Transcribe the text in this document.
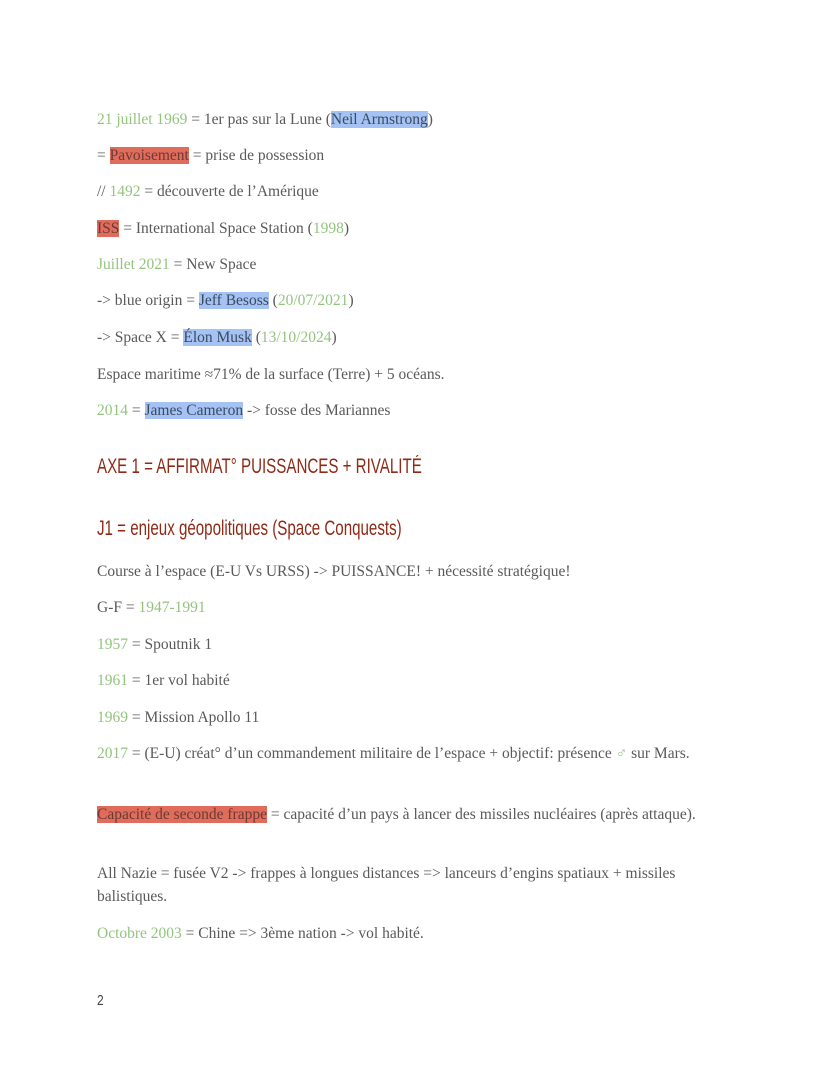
21 juillet 1969 = 1er pas sur la Lune (Neil Armstrong)
= Pavoisement = prise de possession
// 1492 = découverte de l’Amérique
ISS = International Space Station (1998)
Juillet 2021 = New Space
-> blue origin = Jeff Besoss (20/07/2021)
-> Space X = Élon Musk (13/10/2024)
Espace maritime ≈71% de la surface (Terre) + 5 océans.
2014 = James Cameron -> fosse des Mariannes
AXE 1 = AFFIRMAT° PUISSANCES + RIVALITÉ
J1 = enjeux géopolitiques (Space Conquests)
Course à l’espace (E-U Vs URSS) -> PUISSANCE! + nécessité stratégique!
G-F = 1947-1991
1957 = Spoutnik 1
1961 = 1er vol habité
1969 = Mission Apollo 11
2017 = (E-U) créat° d’un commandement militaire de l’espace + objectif: présence ♂ sur Mars.
Capacité de seconde frappe = capacité d’un pays à lancer des missiles nucléaires (après attaque).
All Nazie = fusée V2 -> frappes à longues distances => lanceurs d’engins spatiaux + missiles balistiques.
Octobre 2003 = Chine => 3ème nation -> vol habité.
2
